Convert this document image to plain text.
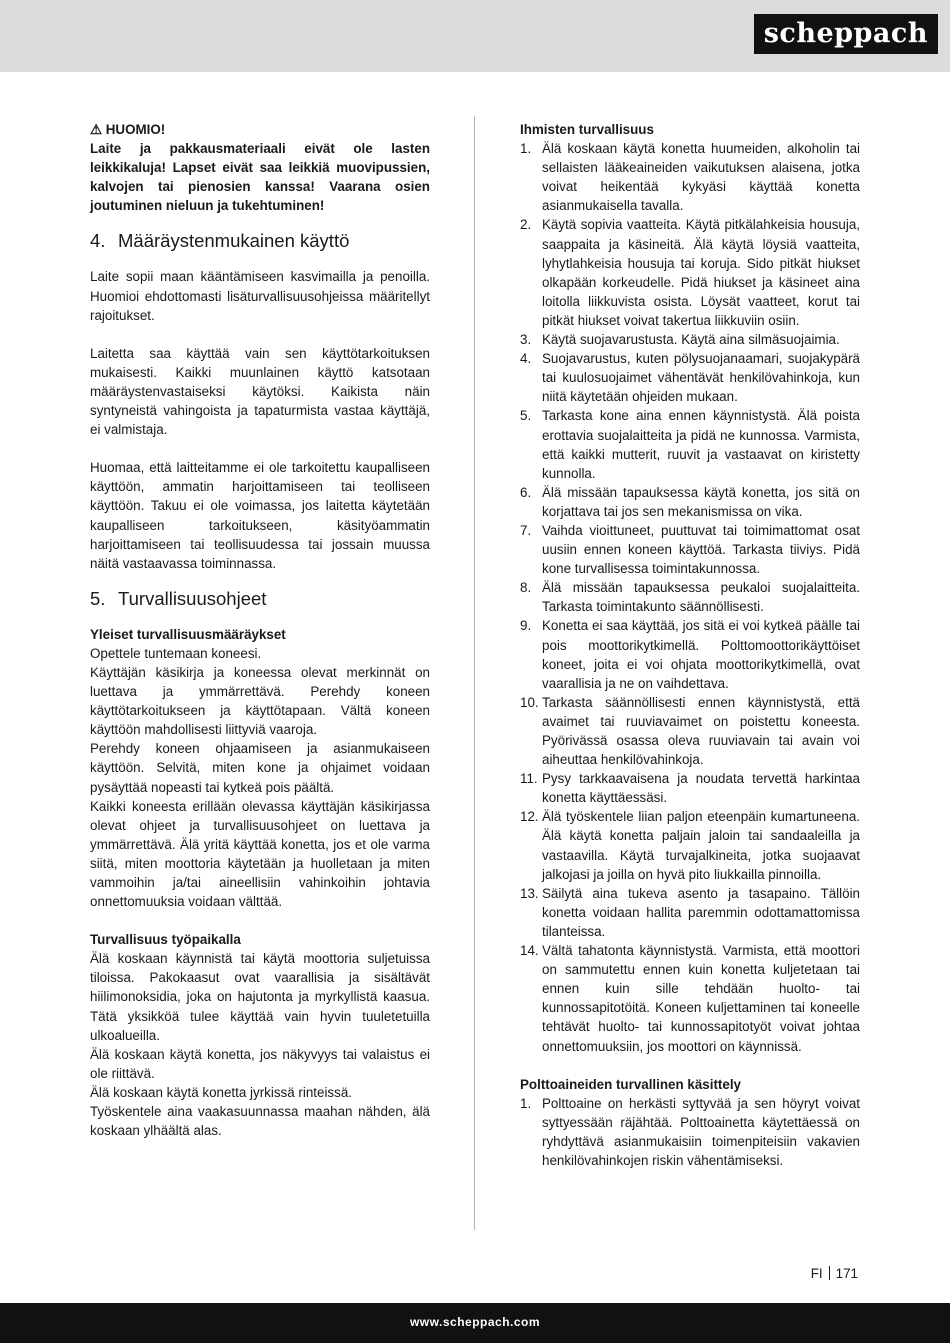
scheppach

⚠ HUOMIO!

Laite ja pakkausmateriaali eivät ole lasten leikkikaluja! Lapset eivät saa leikkiä muovipussien, kalvojen tai pienosien kanssa! Vaarana osien joutuminen nieluun ja tukehtuminen!

4. Määräystenmukainen käyttö

Laite sopii maan kääntämiseen kasvimailla ja penoilla. Huomioi ehdottomasti lisäturvallisuusohjeissa määritellyt rajoitukset.

Laitetta saa käyttää vain sen käyttötarkoituksen mukaisesti. Kaikki muunlainen käyttö katsotaan määräystenvastaiseksi käytöksi. Kaikista näin syntyneistä vahingoista ja tapaturmista vastaa käyttäjä, ei valmistaja.

Huomaa, että laitteitamme ei ole tarkoitettu kaupalliseen käyttöön, ammatin harjoittamiseen tai teolliseen käyttöön. Takuu ei ole voimassa, jos laitetta käytetään kaupalliseen tarkoitukseen, käsityöammatin harjoittamiseen tai teollisuudessa tai jossain muussa näitä vastaavassa toiminnassa.

5. Turvallisuusohjeet

Yleiset turvallisuusmääräykset

Opettele tuntemaan koneesi.

Käyttäjän käsikirja ja koneessa olevat merkinnät on luettava ja ymmärrettävä. Perehdy koneen käyttötarkoitukseen ja käyttötapaan. Vältä koneen käyttöön mahdollisesti liittyviä vaaroja.

Perehdy koneen ohjaamiseen ja asianmukaiseen käyttöön. Selvitä, miten kone ja ohjaimet voidaan pysäyttää nopeasti tai kytkeä pois päältä.

Kaikki koneesta erillään olevassa käyttäjän käsikirjassa olevat ohjeet ja turvallisuusohjeet on luettava ja ymmärrettävä. Älä yritä käyttää konetta, jos et ole varma siitä, miten moottoria käytetään ja huolletaan ja miten vammoihin ja/tai aineellisiin vahinkoihin johtavia onnettomuuksia voidaan välttää.

Turvallisuus työpaikalla

Älä koskaan käynnistä tai käytä moottoria suljetuissa tiloissa. Pakokaasut ovat vaarallisia ja sisältävät hiilimonoksidia, joka on hajutonta ja myrkyllistä kaasua. Tätä yksikköä tulee käyttää vain hyvin tuuletetuilla ulkoalueilla.

Älä koskaan käytä konetta, jos näkyvyys tai valaistus ei ole riittävä.

Älä koskaan käytä konetta jyrkissä rinteissä.

Työskentele aina vaakasuunnassa maahan nähden, älä koskaan ylhäältä alas.

Ihmisten turvallisuus

1. Älä koskaan käytä konetta huumeiden, alkoholin tai sellaisten lääkeaineiden vaikutuksen alaisena, jotka voivat heikentää kykyäsi käyttää konetta asianmukaisella tavalla.
2. Käytä sopivia vaatteita. Käytä pitkälahkeisia housuja, saappaita ja käsineitä. Älä käytä löysiä vaatteita, lyhytlahkeisia housuja tai koruja. Sido pitkät hiukset olkapään korkeudelle. Pidä hiukset ja käsineet aina loitolla liikkuvista osista. Löysät vaatteet, korut tai pitkät hiukset voivat takertua liikkuviin osiin.
3. Käytä suojavarustusta. Käytä aina silmäsuojaimia.
4. Suojavarustus, kuten pölysuojanaamari, suojakypärä tai kuulosuojaimet vähentävät henkilövahinkoja, kun niitä käytetään ohjeiden mukaan.
5. Tarkasta kone aina ennen käynnistystä. Älä poista erottavia suojalaitteita ja pidä ne kunnossa. Varmista, että kaikki mutterit, ruuvit ja vastaavat on kiristetty kunnolla.
6. Älä missään tapauksessa käytä konetta, jos sitä on korjattava tai jos sen mekanismissa on vika.
7. Vaihda vioittuneet, puuttuvat tai toimimattomat osat uusiin ennen koneen käyttöä. Tarkasta tiiviys. Pidä kone turvallisessa toimintakunnossa.
8. Älä missään tapauksessa peukaloi suojalaitteita. Tarkasta toimintakunto säännöllisesti.
9. Konetta ei saa käyttää, jos sitä ei voi kytkeä päälle tai pois moottorikytkimellä. Polttomoottorikäyttöiset koneet, joita ei voi ohjata moottorikytkimellä, ovat vaarallisia ja ne on vaihdettava.
10. Tarkasta säännöllisesti ennen käynnistystä, että avaimet tai ruuviavaimet on poistettu koneesta. Pyörivässä osassa oleva ruuviavain tai avain voi aiheuttaa henkilövahinkoja.
11. Pysy tarkkaavaisena ja noudata tervettä harkintaa konetta käyttäessäsi.
12. Älä työskentele liian paljon eteenpäin kumartuneena. Älä käytä konetta paljain jaloin tai sandaaleilla ja vastaavilla. Käytä turvajalkineita, jotka suojaavat jalkojasi ja joilla on hyvä pito liukkailla pinnoilla.
13. Säilytä aina tukeva asento ja tasapaino. Tällöin konetta voidaan hallita paremmin odottamattomissa tilanteissa.
14. Vältä tahatonta käynnistystä. Varmista, että moottori on sammutettu ennen kuin konetta kuljetetaan tai ennen kuin sille tehdään huolto- tai kunnossapitotöitä. Koneen kuljettaminen tai koneelle tehtävät huolto- tai kunnossapitotyöt voivat johtaa onnettomuuksiin, jos moottori on käynnissä.

Polttoaineiden turvallinen käsittely

1. Polttoaine on herkästi syttyvää ja sen höyryt voivat syttyessään räjähtää. Polttoainetta käytettäessä on ryhdyttävä asianmukaisiin toimenpiteisiin vakavien henkilövahinkojen riskin vähentämiseksi.
FI 171
www.scheppach.com
